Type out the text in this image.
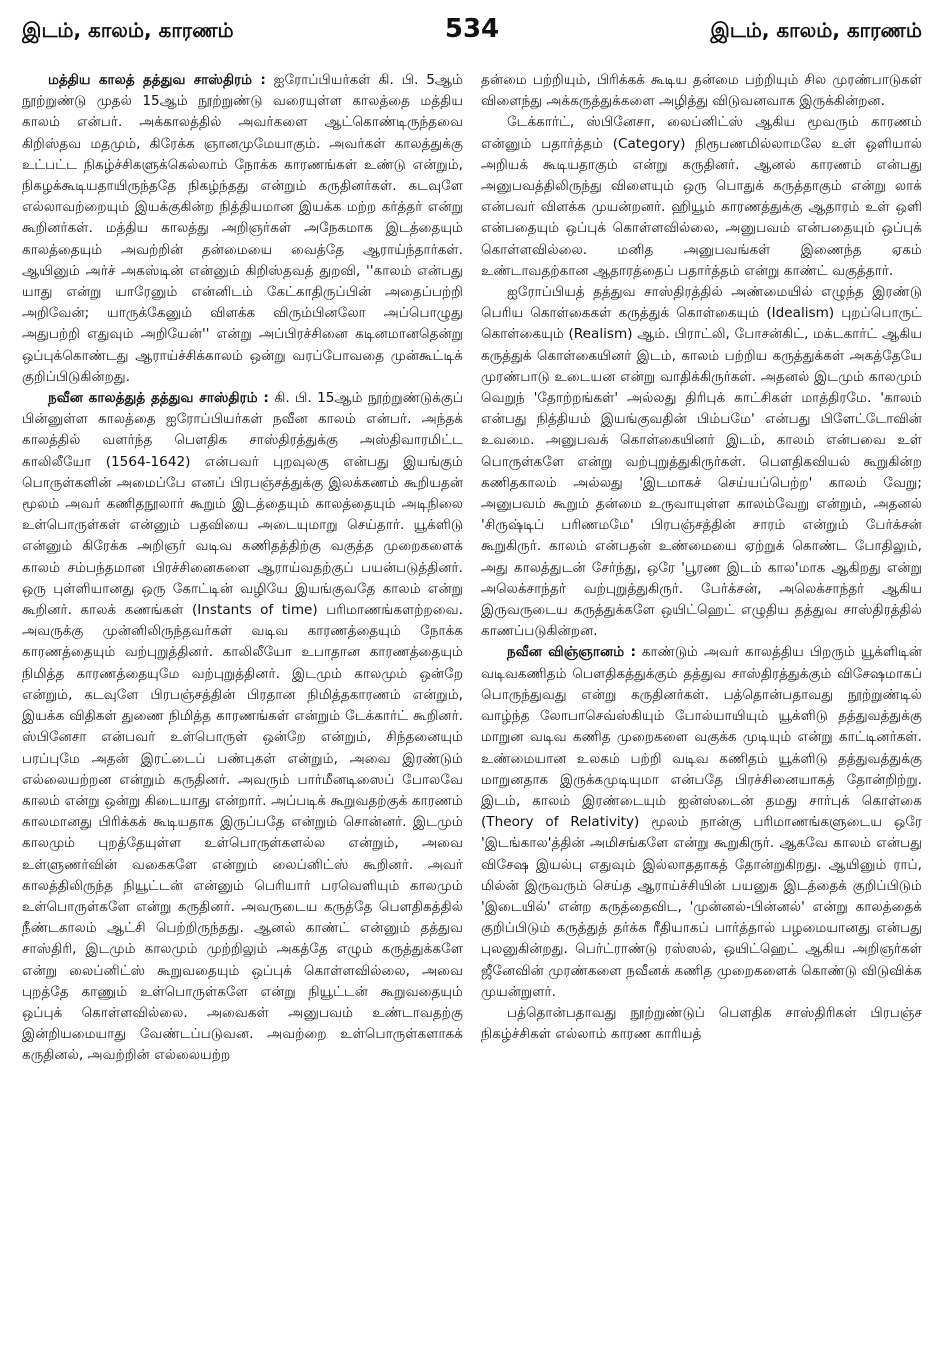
இடம், காலம், காரணம்	534	இடம், காலம், காரணம்

மத்திய காலத் தத்துவ சாஸ்திரம் : ஐரோப்பியர்கள் கி. பி. 5ஆம் நூற்றுண்டு முதல் 15ஆம் நூற்றுண்டு வரையுள்ள காலத்தை மத்திய காலம் என்பர். அக்காலத்தில் அவர்களை ஆட்கொண்டிருந்தவை கிறிஸ்தவ மதமும், கிரேக்க ஞானமுமேயாகும். அவர்கள் காலத்துக்கு உட்பட்ட நிகழ்ச்சிகளுக்கெல்லாம் நோக்க காரணங்கள் உண்டு என்றும், நிகழக்கூடியதாயிருந்ததே நிகழ்ந்தது என்றும் கருதினர்கள். கடவுளே எல்லாவற்றையும் இயக்குகின்ற நித்தியமான இயக்க மற்ற கர்த்தர் என்று கூறினர்கள். மத்திய காலத்து அறிஞர்கள் அநேகமாக இடத்தையும் காலத்தையும் அவற்றின் தன்மையை வைத்தே ஆராய்ந்தார்கள். ஆயினும் அர்ச் அகஸ்டின் என்னும் கிறிஸ்தவத் துறவி, ''காலம் என்பது யாது என்று யாரேனும் என்னிடம் கேட்காதிருப்பின் அதைப்பற்றி அறிவேன்; யாருக்கேனும் விளக்க விரும்பினலோ அப்பொழுது அதுபற்றி எதுவும் அறியேன்'' என்று அப்பிரச்சினை கடினமானதென்று ஒப்புக்கொண்டது ஆராய்ச்சிக்காலம் ஒன்று வரப்போவதை முன்கூட்டிக் குறிப்பிடுகின்றது.

நவீன காலத்துத் தத்துவ சாஸ்திரம் : கி. பி. 15ஆம் நூற்றுண்டுக்குப் பின்னுள்ள காலத்தை ஐரோப்பியர்கள் நவீன காலம் என்பர். அந்தக் காலத்தில் வளர்ந்த பௌதிக சாஸ்திரத்துக்கு அஸ்திவாரமிட்ட காலிலீயோ (1564-1642) என்பவர் புறவுலகு என்பது இயங்கும் பொருள்களின் அமைப்பே எனப் பிரபஞ்சத்துக்கு இலக்கணம் கூறியதன் மூலம் அவர் கணிதநூலார் கூறும் இடத்தையும் காலத்தையும் அடிநிலை உள்பொருள்கள் என்னும் பதவியை அடையுமாறு செய்தார். யூக்ளிடு என்னும் கிரேக்க அறிஞர் வடிவ கணிதத்திற்கு வகுத்த முறைகளைக் காலம் சம்பந்தமான பிரச்சினைகளை ஆராய்வதற்குப் பயன்படுத்தினர். ஒரு புள்ளியானது ஒரு கோட்டின் வழியே இயங்குவதே காலம் என்று கூறினர். காலக் கணங்கள் (Instants of time) பரிமாணங்களற்றவை. அவருக்கு முன்னிலிருந்தவர்கள் வடிவ காரணத்தையும் நோக்க காரணத்தையும் வற்புறுத்தினர். காலிலீயோ உபாதான காரணத்தையும் நிமித்த காரணத்தையுமே வற்புறுத்தினர். இடமும் காலமும் ஒன்றே என்றும், கடவுளே பிரபஞ்சத்தின் பிரதான நிமித்தகாரணம் என்றும், இயக்க விதிகள் துணை நிமித்த காரணங்கள் என்றும் டேக்கார்ட் கூறினர். ஸ்பினேசா என்பவர் உள்பொருள் ஒன்றே என்றும், சிந்தனையும் பரப்புமே அதன் இரட்டைப் பண்புகள் என்றும், அவை இரண்டும் எல்லையற்றன என்றும் கருதினர். அவரும் பார்மீனடிஸைப் போலவே காலம் என்று ஒன்று கிடையாது என்றார். அப்படிக் கூறுவதற்குக் காரணம் காலமானது பிரிக்கக் கூடியதாக இருப்பதே என்றும் சொன்னர். இடமும் காலமும் புறத்தேயுள்ள உள்பொருள்களல்ல என்றும், அவை உள்ளுணர்வின் வகைகளே என்றும் லைப்னிட்ஸ் கூறினர். அவர் காலத்திலிருந்த நியூட்டன் என்னும் பெரியார் பரவெளியும் காலமும் உள்பொருள்களே என்று கருதினர். அவருடைய கருத்தே பௌதிகத்தில் நீண்டகாலம் ஆட்சி பெற்றிருந்தது. ஆனல் காண்ட் என்னும் தத்துவ சாஸ்திரி, இடமும் காலமும் முற்றிலும் அகத்தே எழும் கருத்துக்களே என்று லைப்னிட்ஸ் கூறுவதையும் ஒப்புக் கொள்ளவில்லை, அவை புறத்தே காணும் உள்பொருள்களே என்று நியூட்டன் கூறுவதையும் ஒப்புக் கொள்ளவில்லை. அவைகள் அனுபவம் உண்டாவதற்கு இன்றியமையாது வேண்டப்படுவன. அவற்றை உள்பொருள்களாகக் கருதினல், அவற்றின் எல்லையற்ற

தன்மை பற்றியும், பிரிக்கக் கூடிய தன்மை பற்றியும் சில முரண்பாடுகள் விளைந்து அக்கருத்துக்களை அழித்து விடுவனவாக இருக்கின்றன.

டேக்கார்ட், ஸ்பினேசா, லைப்னிட்ஸ் ஆகிய மூவரும் காரணம் என்னும் பதார்த்தம் (Category) நிரூபணமில்லாமலே உள் ஒளியால் அறியக் கூடியதாகும் என்று கருதினர். ஆனல் காரணம் என்பது அனுபவத்திலிருந்து விளையும் ஒரு பொதுக் கருத்தாகும் என்று லாக் என்பவர் விளக்க முயன்றனர். ஹியூம் காரணத்துக்கு ஆதாரம் உள் ஒளி என்பதையும் ஒப்புக் கொள்ளவில்லை, அனுபவம் என்பதையும் ஒப்புக் கொள்ளவில்லை. மனித அனுபவங்கள் இணைந்த ஏகம் உண்டாவதற்கான ஆதாரத்தைப் பதார்த்தம் என்று காண்ட் வகுத்தார்.

ஐரோப்பியத் தத்துவ சாஸ்திரத்தில் அண்மையில் எழுந்த இரண்டு பெரிய கொள்கைகள் கருத்துக் கொள்கையும் (Idealism) புறப்பொருட் கொள்கையும் (Realism) ஆம். பிராட்லி, போசன்கிட், மக்டகார்ட் ஆகிய கருத்துக் கொள்கையினர் இடம், காலம் பற்றிய கருத்துக்கள் அகத்தேயே முரண்பாடு உடையன என்று வாதிக்கிருர்கள். அதனல் இடமும் காலமும் வெறுந் 'தோற்றங்கள்' அல்லது திரிபுக் காட்சிகள் மாத்திரமே. 'காலம் என்பது நித்தியம் இயங்குவதின் பிம்பமே' என்பது பிளேட்டோவின் உவமை. அனுபவக் கொள்கையினர் இடம், காலம் என்பவை உள் பொருள்களே என்று வற்புறுத்துகிருர்கள். பௌதிகவியல் கூறுகின்ற கணிதகாலம் அல்லது 'இடமாகச் செய்யப்பெற்ற' காலம் வேறு; அனுபவம் கூறும் தன்மை உருவாயுள்ள காலம்வேறு என்றும், அதனல் 'சிருஷ்டிப் பரிணமமே' பிரபஞ்சத்தின் சாரம் என்றும் பேர்க்சன் கூறுகிருர். காலம் என்பதன் உண்மையை ஏற்றுக் கொண்ட போதிலும், அது காலத்துடன் சேர்ந்து, ஒரே 'பூரண இடம் கால'மாக ஆகிறது என்று அலெக்சாந்தர் வற்புறுத்துகிருர். பேர்க்சன், அலெக்சாந்தர் ஆகிய இருவருடைய கருத்துக்களே ஒயிட்ஹெட் எழுதிய தத்துவ சாஸ்திரத்தில் காணப்படுகின்றன.

நவீன விஞ்ஞானம் : காண்டும் அவர் காலத்திய பிறரும் யூக்ளிடின் வடிவகணிதம் பௌதிகத்துக்கும் தத்துவ சாஸ்திரத்துக்கும் விசேஷமாகப் பொருந்துவது என்று கருதினர்கள். பத்தொன்பதாவது நூற்றுண்டில் வாழ்ந்த லோபாசெவ்ஸ்கியும் போல்யாயியும் யூக்ளிடு தத்துவத்துக்கு மாறுன வடிவ கணித முறைகளை வகுக்க முடியும் என்று காட்டினர்கள். உண்மையான உலகம் பற்றி வடிவ கணிதம் யூக்ளிடு தத்துவத்துக்கு மாறுனதாக இருக்கமுடியுமா என்பதே பிரச்சினையாகத் தோன்றிற்று. இடம், காலம் இரண்டையும் ஐன்ஸ்டைன் தமது சார்புக் கொள்கை (Theory of Relativity) மூலம் நான்கு பரிமாணங்களுடைய ஒரே 'இடங்கால'த்தின் அமிசங்களே என்று கூறுகிருர். ஆகவே காலம் என்பது விசேஷ இயல்பு எதுவும் இல்லாததாகத் தோன்றுகிறது. ஆயினும் ராப், மில்ன் இருவரும் செய்த ஆராய்ச்சியின் பயனுக இடத்தைக் குறிப்பிடும் 'இடையில்' என்ற கருத்தைவிட, 'முன்னல்-பின்னல்' என்று காலத்தைக் குறிப்பிடும் கருத்துத் தர்க்க ரீதியாகப் பார்த்தால் பழமையானது என்பது புலனுகின்றது. பெர்ட்ராண்டு ரஸ்ஸல், ஒயிட்ஹெட் ஆகிய அறிஞர்கள் ஜீனேவின் முரண்களை நவீனக் கணித முறைகளைக் கொண்டு விடுவிக்க முயன்றுளர்.

பத்தொன்பதாவது நூற்றுண்டுப் பௌதிக சாஸ்திரிகள் பிரபஞ்ச நிகழ்ச்சிகள் எல்லாம் காரண காரியத்
